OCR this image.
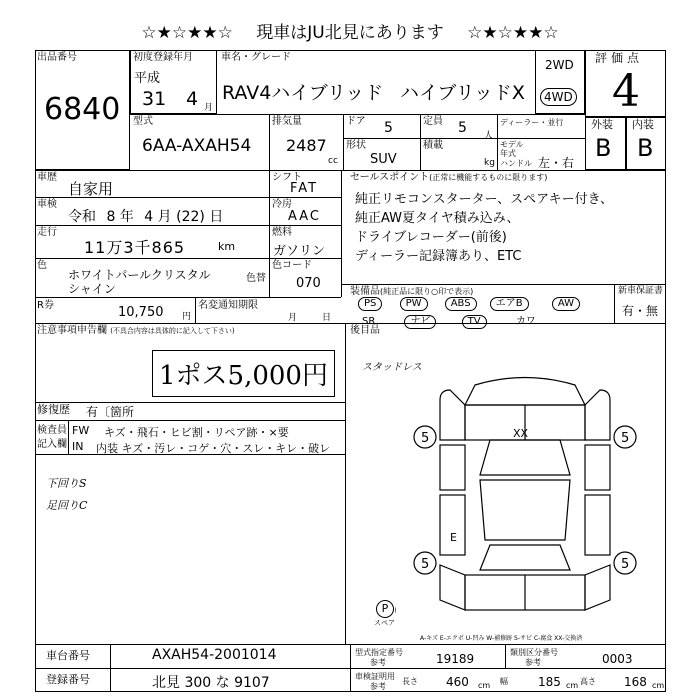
☆★☆★★☆ 現車はJU北見にあります ☆★☆★★☆
出品番号
6840
初度登録年月
平成
31 4 月
車名・グレード
RAV4ハイブリッド ハイブリッドX
2WD
4WD
評価点
4
外装 内装
B B
型式
6AA-AXAH54
排気量
2487
cc
ドア 5	定員 5 人
ディーラー・並行
形状
SUV
積載
kg
モデル年式
ハンドル 左・右
車歴
自家用
車検
令和 8 年 4 月 (22) 日
走行
11万3千865	km
色
ホワイトパールクリスタル
シャイン
色替
色コード
070
シフト
FAT
冷房
AAC
燃料
ガソリン
R券	10,750 円
名変通知期限
月	日
セールスポイント(正常に機能するものに限ります)
純正リモコンスターター、スペアキー付き、
純正AW夏タイヤ積み込み、
ドライブレコーダー(前後)
ディーラー記録簿あり、ETC
装備品(純正品に限り○印で表示)
PS	PW	ABS	エアB	AW
SR	ナビ	TV	カワ
新車保証書
有・無
注意事項申告欄 (不具合内容は具体的に記入して下さい)
1ポス5,000円	スタッドレス
後目品
修復歴 有〔箇所
検査員
記入欄
FW キズ・飛石・ヒビ割・リペア跡・×要
IN 内装 キズ・汚レ・コゲ・穴・スレ・キレ・破レ
下回りS
足回りC
5	5
5	5
XX
E
P
スペア
A-キズ E-エクボ U-凹み W-補修跡 S-サビ C-腐食 XX-交換済
車台番号	AXAH54-2001014
登録番号	北見 300 な 9107
型式指定番号
参考	19189	類別区分番号
参考	0003
車検証明用
参考
長さ 460 cm 幅	185 cm 高さ 168 cm
